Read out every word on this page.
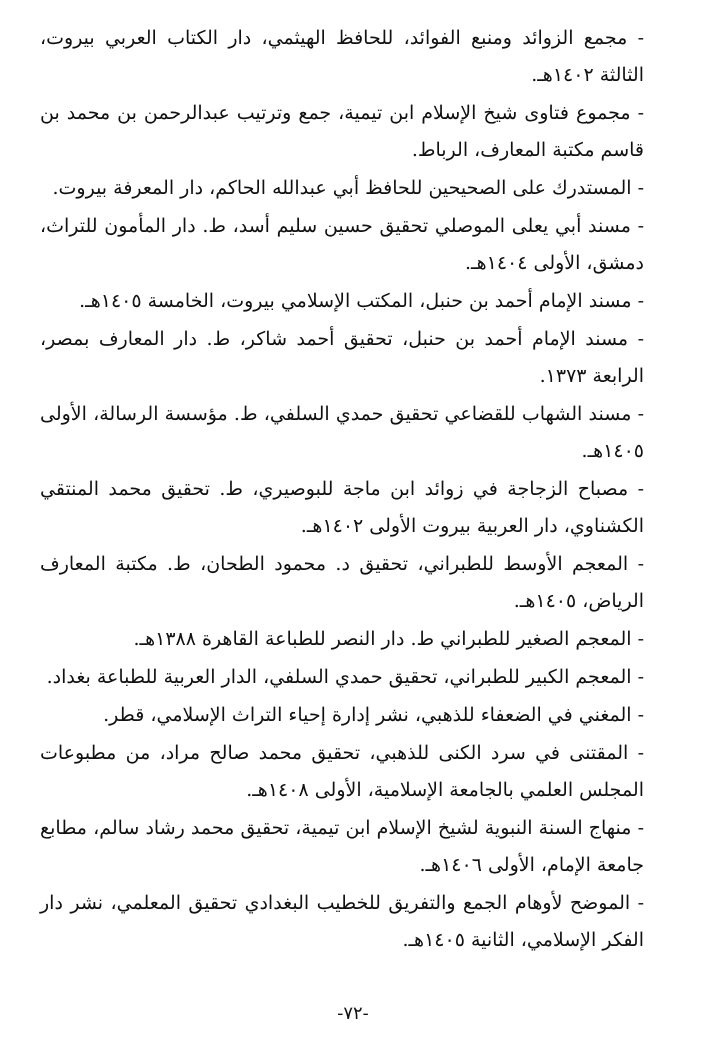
- مجمع الزوائد ومنبع الفوائد، للحافظ الهيثمي، دار الكتاب العربي بيروت، الثالثة ١٤٠٢هـ.

- مجموع فتاوى شيخ الإسلام ابن تيمية، جمع وترتيب عبدالرحمن بن محمد بن قاسم مكتبة المعارف، الرباط.

- المستدرك على الصحيحين للحافظ أبي عبدالله الحاكم، دار المعرفة بيروت.

- مسند أبي يعلى الموصلي تحقيق حسين سليم أسد، ط. دار المأمون للتراث، دمشق، الأولى ١٤٠٤هـ.

- مسند الإمام أحمد بن حنبل، المكتب الإسلامي بيروت، الخامسة ١٤٠٥هـ.

- مسند الإمام أحمد بن حنبل، تحقيق أحمد شاكر، ط. دار المعارف بمصر، الرابعة ١٣٧٣.

- مسند الشهاب للقضاعي تحقيق حمدي السلفي، ط. مؤسسة الرسالة، الأولى ١٤٠٥هـ.

- مصباح الزجاجة في زوائد ابن ماجة للبوصيري، ط. تحقيق محمد المنتقي الكشناوي، دار العربية بيروت الأولى ١٤٠٢هـ.

- المعجم الأوسط للطبراني، تحقيق د. محمود الطحان، ط. مكتبة المعارف الرياض، ١٤٠٥هـ.

- المعجم الصغير للطبراني ط. دار النصر للطباعة القاهرة ١٣٨٨هـ.

- المعجم الكبير للطبراني، تحقيق حمدي السلفي، الدار العربية للطباعة بغداد.

- المغني في الضعفاء للذهبي، نشر إدارة إحياء التراث الإسلامي، قطر.

- المقتنى في سرد الكنى للذهبي، تحقيق محمد صالح مراد، من مطبوعات المجلس العلمي بالجامعة الإسلامية، الأولى ١٤٠٨هـ.

- منهاج السنة النبوية لشيخ الإسلام ابن تيمية، تحقيق محمد رشاد سالم، مطابع جامعة الإمام، الأولى ١٤٠٦هـ.

- الموضح لأوهام الجمع والتفريق للخطيب البغدادي تحقيق المعلمي، نشر دار الفكر الإسلامي، الثانية ١٤٠٥هـ.

-٧٢-
